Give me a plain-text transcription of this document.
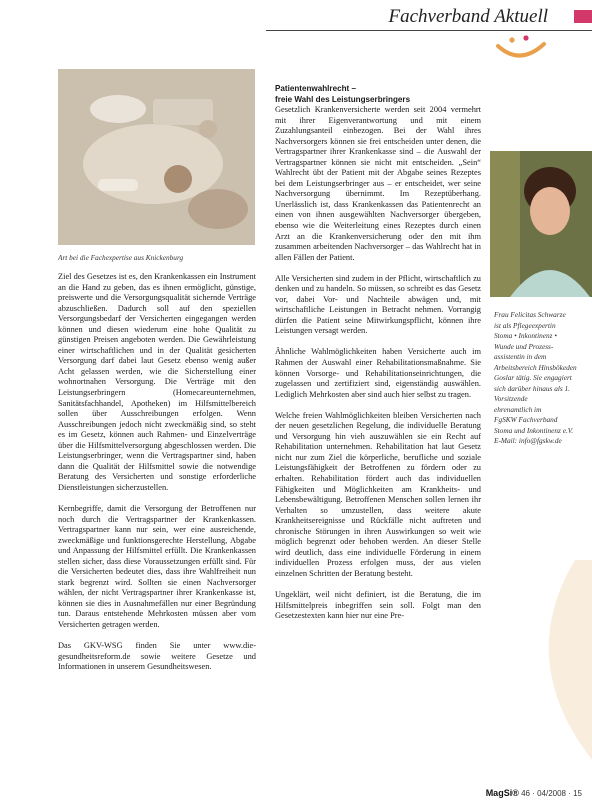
Fachverband Aktuell
Art bei die Fachexpertise aus Knickenburg
Frau Felicitas Schwarze
ist als Pflegeexpertin
Stoma • Inkontinenz •
Wunde und Prozess-
assistentin in dem
Arbeitsbereich Hinsbökeden
Goslar tätig. Sie engagiert
sich darüber hinaus als 1. Vorsitzende
ehrenamtlich im
FgSKW Fachverband
Stoma und Inkontinenz e.V.
E-Mail: info@fgskw.de

Ziel des Gesetzes ist es, den Krankenkassen ein Instrument an die Hand zu geben, das es ihnen ermöglicht, günstige, preiswerte und die Versorgungsqualität sichernde Verträge abzuschließen. Dadurch soll auf den speziellen Versorgungsbedarf der Versicherten eingegangen werden können und diesen wiederum eine hohe Qualität zu günstigen Preisen angeboten werden. Die Gewährleistung einer wirtschaftlichen und in der Qualität gesicherten Versorgung darf dabei laut Gesetz ebenso wenig außer Acht gelassen werden, wie die Sicherstellung einer wohnortnahen Versorgung. Die Verträge mit den Leistungserbringern (Homecareunternehmen, Sanitätsfachhandel, Apotheken) im Hilfsmittelbereich sollen über Ausschreibungen erfolgen. Wenn Ausschreibungen jedoch nicht zweckmäßig sind, so steht es im Gesetz, können auch Rahmen- und Einzelverträge über die Hilfsmittelversorgung abgeschlossen werden. Die Leistungserbringer, wenn die Vertragspartner sind, haben dann die Qualität der Hilfsmittel sowie die notwendige Beratung des Versicherten und sonstige erforderliche Dienstleistungen sicherzustellen.

Kernbegriffe, damit die Versorgung der Betroffenen nur noch durch die Vertragspartner der Krankenkassen. Vertragspartner kann nur sein, wer eine ausreichende, zweckmäßige und funktionsgerechte Herstellung, Abgabe und Anpassung der Hilfsmittel erfüllt. Die Krankenkassen stellen sicher, dass diese Voraussetzungen erfüllt sind. Für die Versicherten bedeutet dies, dass ihre Wahlfreiheit nun stark begrenzt wird. Sollten sie einen Nachversorger wählen, der nicht Vertragspartner ihrer Krankenkasse ist, können sie dies in Ausnahmefällen nur einer Begründung tun. Daraus entstehende Mehrkosten müssen aber vom Versicherten getragen werden.

Das GKV-WSG finden Sie unter www.die-gesundheitsreform.de sowie weitere Gesetze und Informationen in unserem Gesundheitswesen.

Patientenwahlrecht –
freie Wahl des Leistungserbringers

Gesetzlich Krankenversicherte werden seit 2004 vermehrt mit ihrer Eigenverantwortung und mit einem Zuzahlungsanteil einbezogen. Bei der Wahl ihres Nachversorgers können sie frei entscheiden unter denen, die Vertragspartner ihrer Krankenkasse sind – die Auswahl der Vertragspartner können sie nicht mit entscheiden. „Sein“ Wahlrecht übt der Patient mit der Abgabe seines Rezeptes bei dem Leistungserbringer aus – er entscheidet, wer seine Nachversorgung übernimmt. Im Rezeptüberhang. Unerlässlich ist, dass Krankenkassen das Patientenrecht an einen von ihnen ausgewählten Nachversorger übergeben, ebenso wie die Weiterleitung eines Rezeptes durch einen Arzt an die Krankenversicherung oder den mit ihm zusammen arbeitenden Nachversorger – das Wahlrecht hat in allen Fällen der Patient.

Alle Versicherten sind zudem in der Pflicht, wirtschaftlich zu denken und zu handeln. So müssen, so schreibt es das Gesetz vor, dabei Vor- und Nachteile abwägen und, mit wirtschaftliche Leistungen in Betracht nehmen. Vorrangig dürfen die Patient seine Mitwirkungspflicht, können ihre Leistungen versagt werden.

Ähnliche Wahlmöglichkeiten haben Versicherte auch im Rahmen der Auswahl einer Rehabilitationsmaßnahme. Sie können Vorsorge- und Rehabilitationseinrichtungen, die zugelassen und zertifiziert sind, eigenständig auswählen. Lediglich Mehrkosten aber sind auch hier selbst zu tragen.

Welche freien Wahlmöglichkeiten bleiben Versicherten nach der neuen gesetzlichen Regelung, die individuelle Beratung und Versorgung hin vieh auszuwählen sie ein Recht auf Rehabilitation unternehmen. Rehabilitation hat laut Gesetz nicht nur zum Ziel die körperliche, berufliche und soziale Leistungsfähigkeit der Betroffenen zu fördern oder zu erhalten. Rehabilitation fördert auch das individuellen Fähigkeiten und Möglichkeiten am Krankheits- und Lebensbewältigung. Betroffenen Menschen sollen lernen ihr Verhalten so umzustellen, dass weitere akute Krankheitsereignisse und Rückfälle nicht auftreten und chronische Störungen in ihren Auswirkungen so weit wie möglich begrenzt oder behoben werden. An dieser Stelle wird deutlich, dass eine individuelle Förderung in einem individuellen Prozess erfolgen muss, der aus vielen einzelnen Schritten der Beratung besteht.

Ungeklärt, weil nicht definiert, ist die Beratung, die im Hilfsmittelpreis inbegriffen sein soll. Folgt man den Gesetzestexten kann hier nur eine Pre-

MagSi® 46 · 04/2008 · 15
